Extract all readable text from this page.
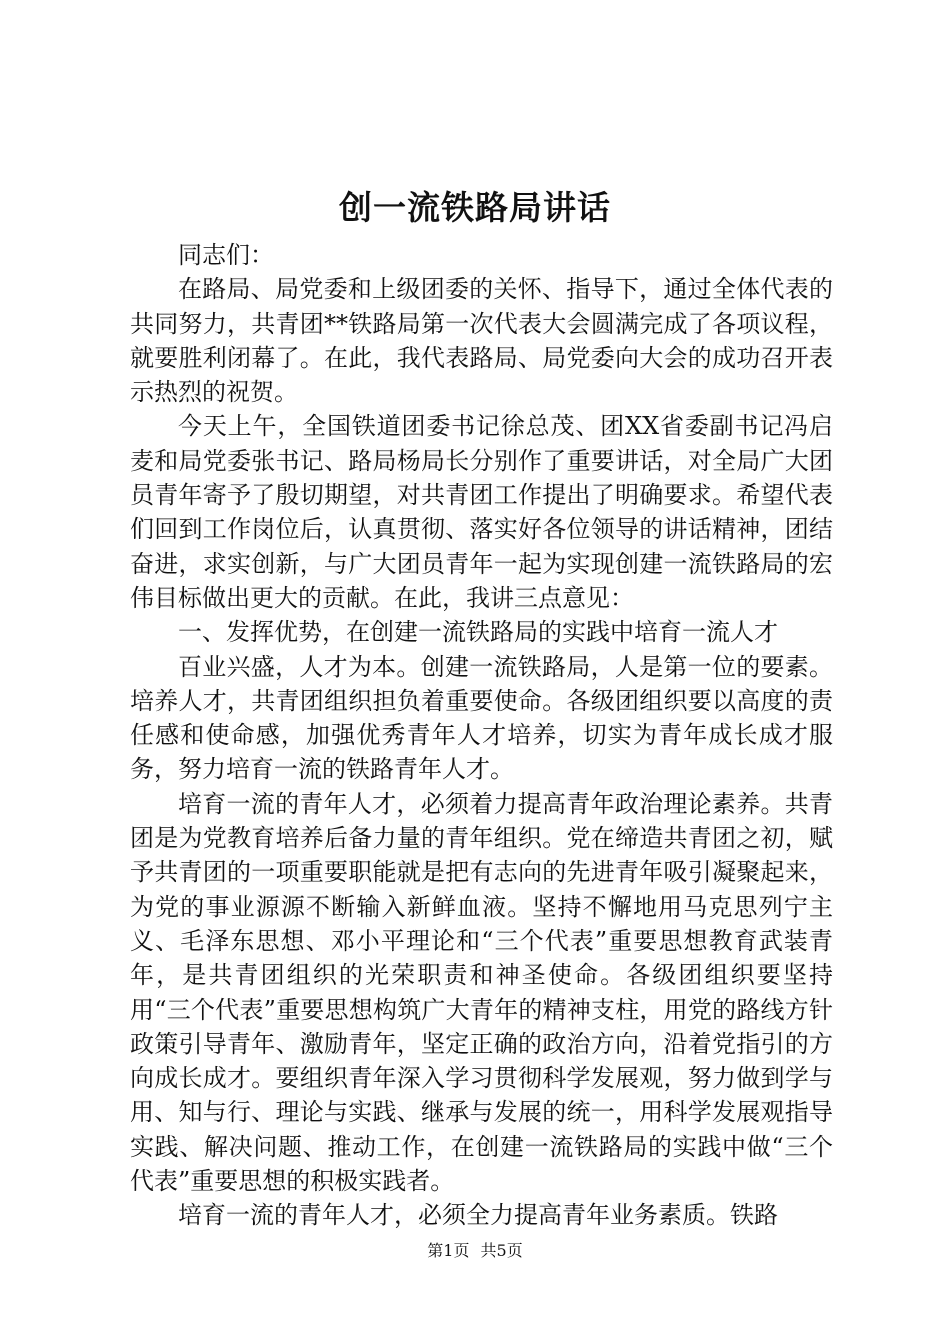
创一流铁路局讲话

同志们：

在路局、局党委和上级团委的关怀、指导下，通过全体代表的共同努力，共青团**铁路局第一次代表大会圆满完成了各项议程，就要胜利闭幕了。在此，我代表路局、局党委向大会的成功召开表示热烈的祝贺。

今天上午，全国铁道团委书记徐总茂、团XX省委副书记冯启麦和局党委张书记、路局杨局长分别作了重要讲话，对全局广大团员青年寄予了殷切期望，对共青团工作提出了明确要求。希望代表们回到工作岗位后，认真贯彻、落实好各位领导的讲话精神，团结奋进，求实创新，与广大团员青年一起为实现创建一流铁路局的宏伟目标做出更大的贡献。在此，我讲三点意见：

一、发挥优势，在创建一流铁路局的实践中培育一流人才

百业兴盛，人才为本。创建一流铁路局，人是第一位的要素。培养人才，共青团组织担负着重要使命。各级团组织要以高度的责任感和使命感，加强优秀青年人才培养，切实为青年成长成才服务，努力培育一流的铁路青年人才。

培育一流的青年人才，必须着力提高青年政治理论素养。共青团是为党教育培养后备力量的青年组织。党在缔造共青团之初，赋予共青团的一项重要职能就是把有志向的先进青年吸引凝聚起来，为党的事业源源不断输入新鲜血液。坚持不懈地用马克思列宁主义、毛泽东思想、邓小平理论和“三个代表”重要思想教育武装青年，是共青团组织的光荣职责和神圣使命。各级团组织要坚持用“三个代表”重要思想构筑广大青年的精神支柱，用党的路线方针政策引导青年、激励青年，坚定正确的政治方向，沿着党指引的方向成长成才。要组织青年深入学习贯彻科学发展观，努力做到学与用、知与行、理论与实践、继承与发展的统一，用科学发展观指导实践、解决问题、推动工作，在创建一流铁路局的实践中做“三个代表”重要思想的积极实践者。

培育一流的青年人才，必须全力提高青年业务素质。铁路

第1页 共5页
